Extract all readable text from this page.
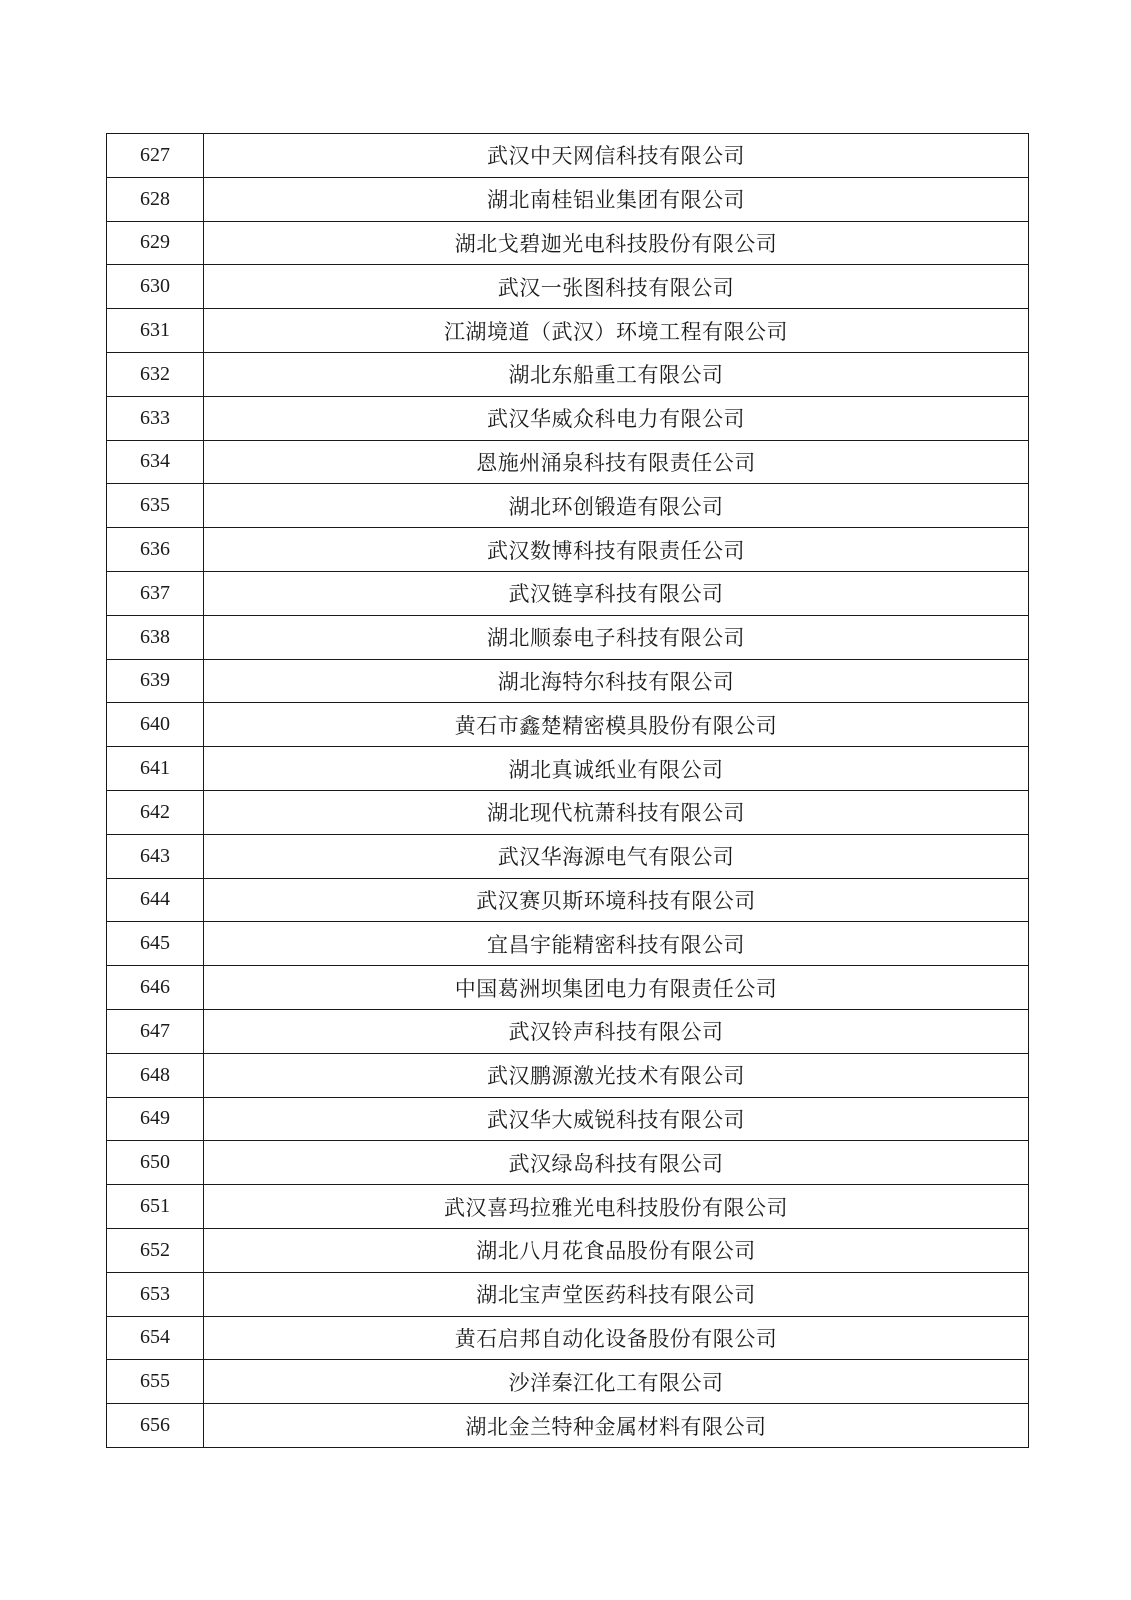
627	武汉中天网信科技有限公司
628	湖北南桂铝业集团有限公司
629	湖北戈碧迦光电科技股份有限公司
630	武汉一张图科技有限公司
631	江湖境道（武汉）环境工程有限公司
632	湖北东船重工有限公司
633	武汉华威众科电力有限公司
634	恩施州涌泉科技有限责任公司
635	湖北环创锻造有限公司
636	武汉数博科技有限责任公司
637	武汉链享科技有限公司
638	湖北顺泰电子科技有限公司
639	湖北海特尔科技有限公司
640	黄石市鑫楚精密模具股份有限公司
641	湖北真诚纸业有限公司
642	湖北现代杭萧科技有限公司
643	武汉华海源电气有限公司
644	武汉赛贝斯环境科技有限公司
645	宜昌宇能精密科技有限公司
646	中国葛洲坝集团电力有限责任公司
647	武汉铃声科技有限公司
648	武汉鹏源激光技术有限公司
649	武汉华大威锐科技有限公司
650	武汉绿岛科技有限公司
651	武汉喜玛拉雅光电科技股份有限公司
652	湖北八月花食品股份有限公司
653	湖北宝声堂医药科技有限公司
654	黄石启邦自动化设备股份有限公司
655	沙洋秦江化工有限公司
656	湖北金兰特种金属材料有限公司
